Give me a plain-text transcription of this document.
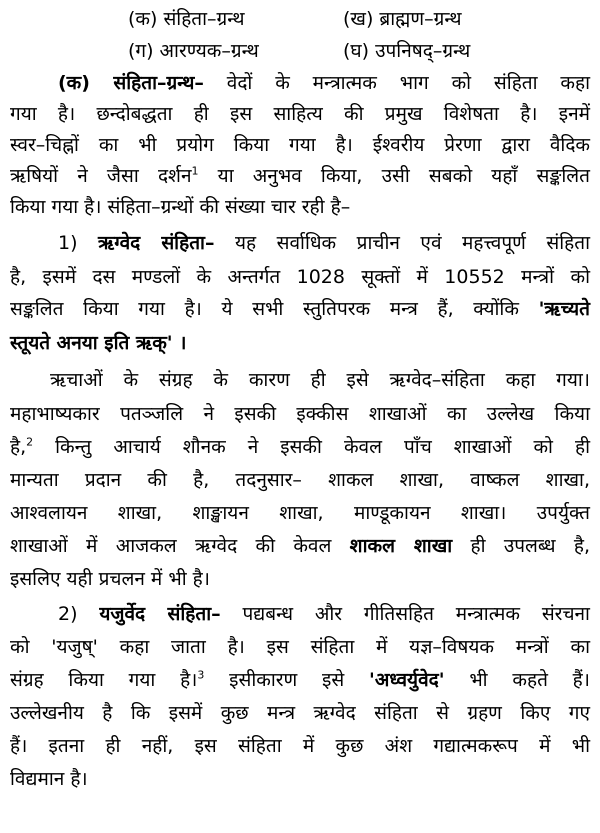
(क) संहिता–ग्रन्थ	(ख) ब्राह्मण–ग्रन्थ
(ग) आरण्यक–ग्रन्थ	(घ) उपनिषद्–ग्रन्थ
(क) संहिता–ग्रन्थ– वेदों के मन्त्रात्मक भाग को संहिता कहा
गया है। छन्दोबद्धता ही इस साहित्य की प्रमुख विशेषता है। इनमें
स्वर–चिह्नों का भी प्रयोग किया गया है। ईश्वरीय प्रेरणा द्वारा वैदिक
ऋषियों ने जैसा दर्शन$^1$ या अनुभव किया, उसी सबको यहाँ सङ्कलित
किया गया है। संहिता–ग्रन्थों की संख्या चार रही है–
1) ऋग्वेद संहिता– यह सर्वाधिक प्राचीन एवं महत्त्वपूर्ण संहिता
है, इसमें दस मण्डलों के अन्तर्गत 1028 सूक्तों में 10552 मन्त्रों को
सङ्कलित किया गया है। ये सभी स्तुतिपरक मन्त्र हैं, क्योंकि 'ऋच्यते
स्तूयते अनया इति ऋक्' ।
ऋचाओं के संग्रह के कारण ही इसे ऋग्वेद–संहिता कहा गया।
महाभाष्यकार पतञ्जलि ने इसकी इक्कीस शाखाओं का उल्लेख किया
है,$^2$ किन्तु आचार्य शौनक ने इसकी केवल पाँच शाखाओं को ही
मान्यता प्रदान की है, तदनुसार– शाकल शाखा, वाष्कल शाखा,
आश्वलायन शाखा, शाङ्खायन शाखा, माण्डूकायन शाखा। उपर्युक्त
शाखाओं में आजकल ऋग्वेद की केवल शाकल शाखा ही उपलब्ध है,
इसलिए यही प्रचलन में भी है।
2) यजुर्वेद संहिता– पद्यबन्ध और गीतिसहित मन्त्रात्मक संरचना
को 'यजुष्' कहा जाता है। इस संहिता में यज्ञ–विषयक मन्त्रों का
संग्रह किया गया है।$^3$ इसीकारण इसे 'अध्वर्युवेद' भी कहते हैं।
उल्लेखनीय है कि इसमें कुछ मन्त्र ऋग्वेद संहिता से ग्रहण किए गए
हैं। इतना ही नहीं, इस संहिता में कुछ अंश गद्यात्मकरूप में भी
विद्यमान है।
